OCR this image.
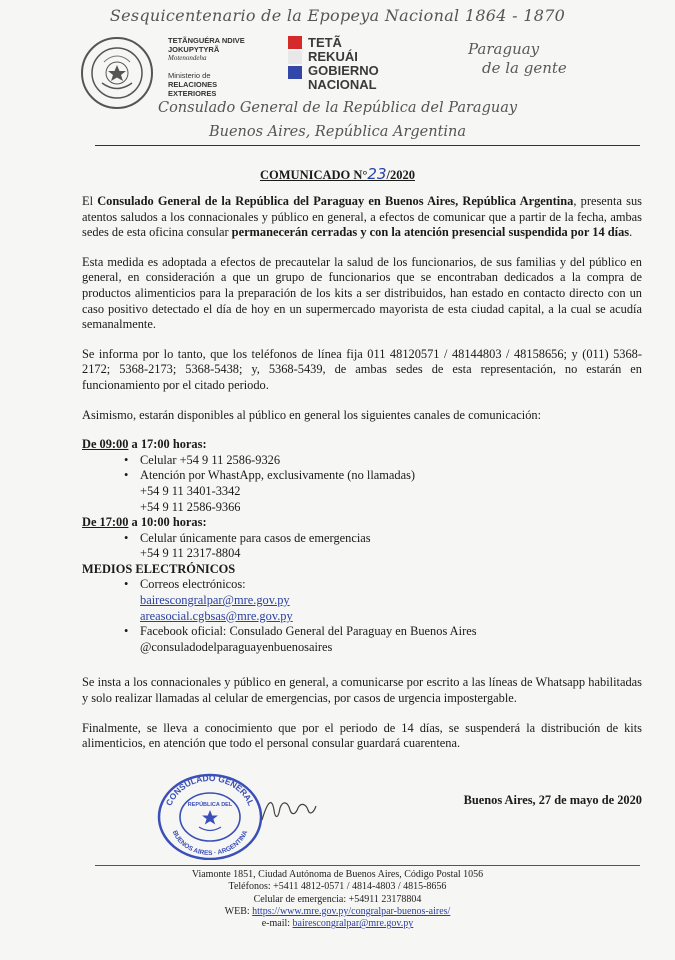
Sesquicentenario de la Epopeya Nacional 1864 - 1870
TETÃNGUÉRA NDIVE
JOKUPYTYRÃ
Motenondeha
Ministerio de
RELACIONES
EXTERIORES
TETÃ
REKUÁI
GOBIERNO
NACIONAL
Paraguay
de la gente
Consulado General de la República del Paraguay
Buenos Aires, República Argentina
COMUNICADO N°23/2020

El Consulado General de la República del Paraguay en Buenos Aires, República Argentina, presenta sus atentos saludos a los connacionales y público en general, a efectos de comunicar que a partir de la fecha, ambas sedes de esta oficina consular permanecerán cerradas y con la atención presencial suspendida por 14 días.

Esta medida es adoptada a efectos de precautelar la salud de los funcionarios, de sus familias y del público en general, en consideración a que un grupo de funcionarios que se encontraban dedicados a la compra de productos alimenticios para la preparación de los kits a ser distribuidos, han estado en contacto directo con un caso positivo detectado el día de hoy en un supermercado mayorista de esta ciudad capital, a la cual se acudía semanalmente.

Se informa por lo tanto, que los teléfonos de línea fija 011 48120571 / 48144803 / 48158656; y (011) 5368-2172; 5368-2173; 5368-5438; y, 5368-5439, de ambas sedes de esta representación, no estarán en funcionamiento por el citado periodo.

Asimismo, estarán disponibles al público en general los siguientes canales de comunicación:

De 09:00 a 17:00 horas:
• Celular +54 9 11 2586-9326
• Atención por WhastApp, exclusivamente (no llamadas)
+54 9 11 3401-3342
+54 9 11 2586-9366
De 17:00 a 10:00 horas:
• Celular únicamente para casos de emergencias
+54 9 11 2317-8804
MEDIOS ELECTRÓNICOS
• Correos electrónicos:
bairescongralpar@mre.gov.py
areasocial.cgbsas@mre.gov.py
• Facebook oficial: Consulado General del Paraguay en Buenos Aires
@consuladodelparaguayenbuenosaires

Se insta a los connacionales y público en general, a comunicarse por escrito a las líneas de Whatsapp habilitadas y solo realizar llamadas al celular de emergencias, por casos de urgencia impostergable.

Finalmente, se lleva a conocimiento que por el periodo de 14 días, se suspenderá la distribución de kits alimenticios, en atención que todo el personal consular guardará cuarentena.

CONSULADO GENERAL
BUENOS AIRES · ARGENTINA
REPÚBLICA DEL	Buenos Aires, 27 de mayo de 2020
Viamonte 1851, Ciudad Autónoma de Buenos Aires, Código Postal 1056
Teléfonos: +5411 4812-0571 / 4814-4803 / 4815-8656
Celular de emergencia: +54911 23178804
WEB: https://www.mre.gov.py/congralpar-buenos-aires/
e-mail: bairescongralpar@mre.gov.py
